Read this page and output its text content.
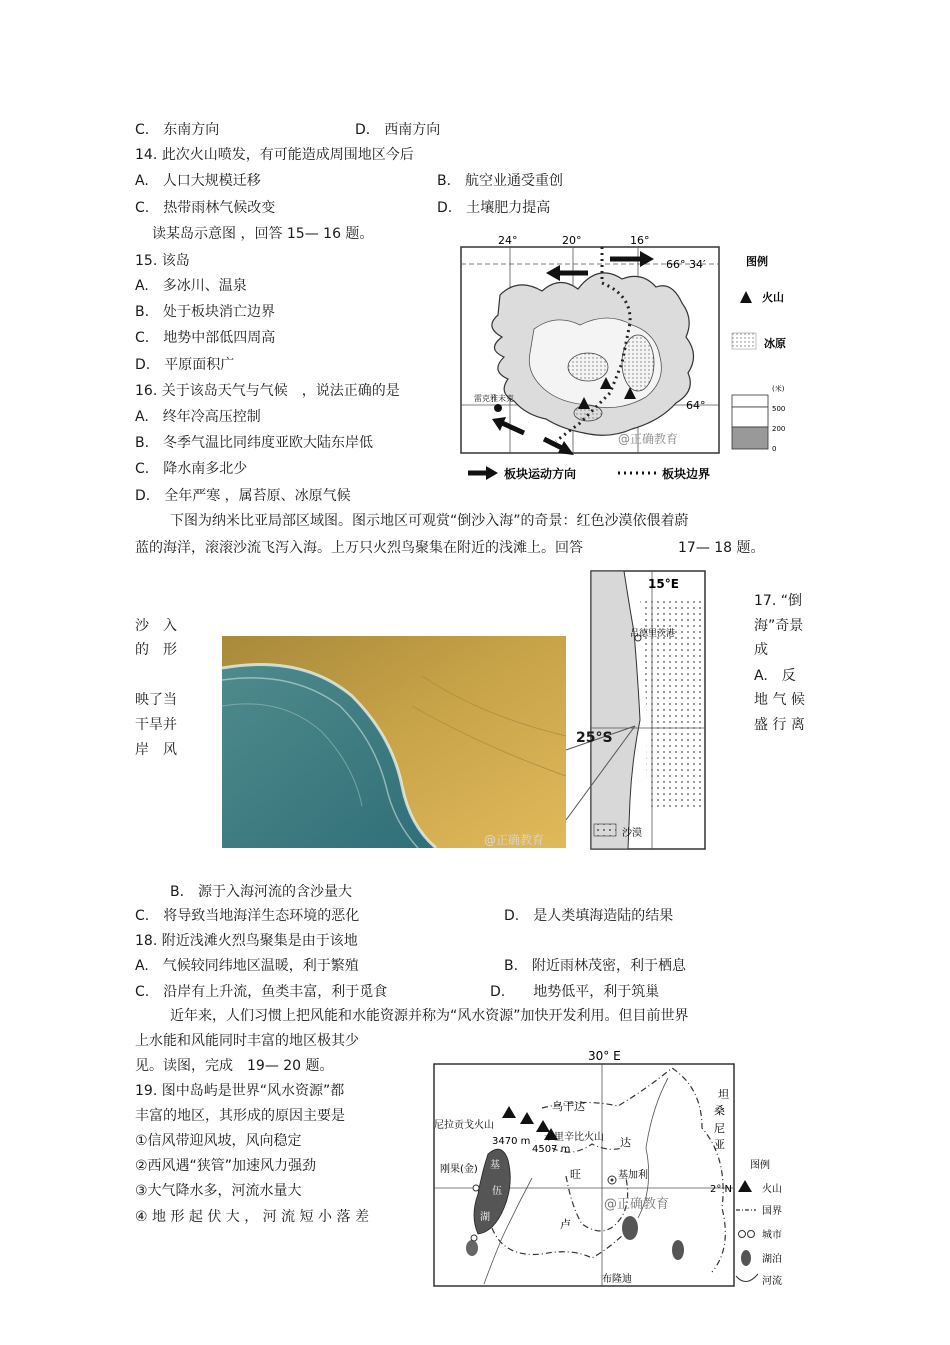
C.　东南方向	D.　西南方向
14. 此次火山喷发，有可能造成周围地区今后
A.　人口大规模迁移	B.　航空业通受重创
C.　热带雨林气候改变	D.　土壤肥力提高
读某岛示意图 ，回答 15— 16 题。
15. 该岛
A.　多冰川、温泉
B.　处于板块消亡边界
C.　地势中部低四周高
D.　平原面积广
16. 关于该岛天气与气候　，说法正确的是
A.　终年冷高压控制
B.　冬季气温比同纬度亚欧大陆东岸低
C.　降水南多北少
D.　全年严寒 ，属苔原、冰原气候
24°	20°	16°
66° 34′
64°
雷克雅未克
@正确教育
图例
火山
冰原
(米)
500
200
0
板块运动方向	板块边界
下图为纳米比亚局部区域图。图示地区可观赏“倒沙入海”的奇景：红色沙漠依偎着蔚
蓝的海洋，滚滚沙流飞泻入海。上万只火烈鸟聚集在附近的浅滩上。回答	17— 18 题。
沙　入
的　形
映了当
干旱并
岸　风
17. “倒
海”奇景
成
A.　反
地 气 候
盛 行 离
@正确教育
15°E
吕德里茨港
沙漠
25°S
B.　源于入海河流的含沙量大
C.　将导致当地海洋生态环境的恶化	D.　是人类填海造陆的结果
18. 附近浅滩火烈鸟聚集是由于该地
A.　气候较同纬地区温暖，利于繁殖	B.　附近雨林茂密，利于栖息
C.　沿岸有上升流，鱼类丰富，利于觅食	D.　　地势低平，利于筑巢
近年来，人们习惯上把风能和水能资源并称为“风水资源”加快开发利用。但目前世界
上水能和风能同时丰富的地区极其少
见。读图，完成　19— 20 题。
19. 图中岛屿是世界“风水资源”都
丰富的地区，其形成的原因主要是
①信风带迎风坡，风向稳定
②西风遇“狭管”加速风力强劲
③大气降水多，河流水量大
④ 地 形 起 伏 大 ， 河 流 短 小 落 差
30° E
乌干达
坦
桑
尼
亚
尼拉贡戈火山
3470 m
4507 m
卡里辛比火山 达
刚果(金)	旺
卢
基
伍
湖
基加利
布隆迪
@正确教育
2° N
图例
火山
国界
城市
湖泊
河流
